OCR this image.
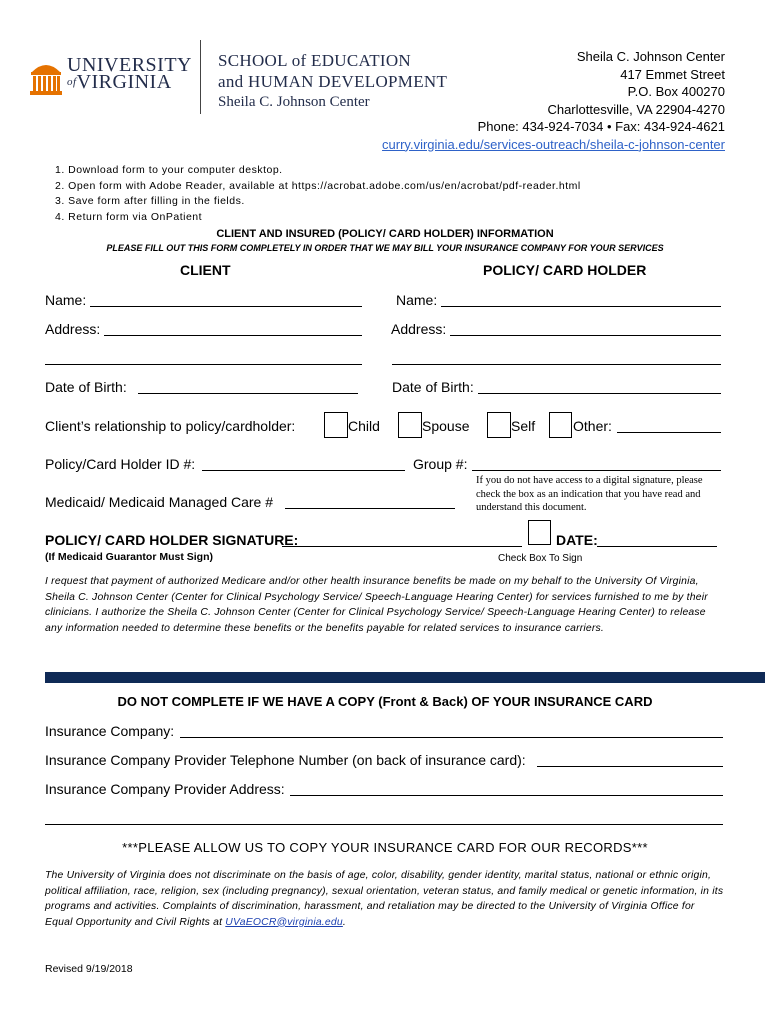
UNIVERSITY
$^{of}$VIRGINIA
SCHOOL of EDUCATION
and HUMAN DEVELOPMENT
Sheila C. Johnson Center
Sheila C. Johnson Center
417 Emmet Street
P.O. Box 400270
Charlottesville, VA 22904-4270
Phone: 434-924-7034 • Fax: 434-924-4621
curry.virginia.edu/services-outreach/sheila-c-johnson-center
1. Download form to your computer desktop.
2. Open form with Adobe Reader, available at https://acrobat.adobe.com/us/en/acrobat/pdf-reader.html
3. Save form after filling in the fields.
4. Return form via OnPatient
CLIENT AND INSURED (POLICY/ CARD HOLDER) INFORMATION
PLEASE FILL OUT THIS FORM COMPLETELY IN ORDER THAT WE MAY BILL YOUR INSURANCE COMPANY FOR YOUR SERVICES
CLIENT	POLICY/ CARD HOLDER
Name:	Name:
Address:	Address:
Date of Birth:	Date of Birth:
Client’s relationship to policy/cardholder:	Child	Spouse	Self	Other:
Policy/Card Holder ID #:	Group #:
Medicaid/ Medicaid Managed Care #
If you do not have access to a digital signature, please check the box as an indication that you have read and understand this document.
POLICY/ CARD HOLDER SIGNATURE:
(If Medicaid Guarantor Must Sign)
DATE:
Check Box To Sign
I request that payment of authorized Medicare and/or other health insurance benefits be made on my behalf to the University Of Virginia, Sheila C. Johnson Center (Center for Clinical Psychology Service/ Speech-Language Hearing Center) for services furnished to me by their clinicians. I authorize the Sheila C. Johnson Center (Center for Clinical Psychology Service/ Speech-Language Hearing Center) to release any information needed to determine these benefits or the benefits payable for related services to insurance carriers.
DO NOT COMPLETE IF WE HAVE A COPY (Front & Back) OF YOUR INSURANCE CARD
Insurance Company:
Insurance Company Provider Telephone Number (on back of insurance card):
Insurance Company Provider Address:
***PLEASE ALLOW US TO COPY YOUR INSURANCE CARD FOR OUR RECORDS***
The University of Virginia does not discriminate on the basis of age, color, disability, gender identity, marital status, national or ethnic origin, political affiliation, race, religion, sex (including pregnancy), sexual orientation, veteran status, and family medical or genetic information, in its programs and activities. Complaints of discrimination, harassment, and retaliation may be directed to the University of Virginia Office for Equal Opportunity and Civil Rights at UVaEOCR@virginia.edu.
Revised 9/19/2018
